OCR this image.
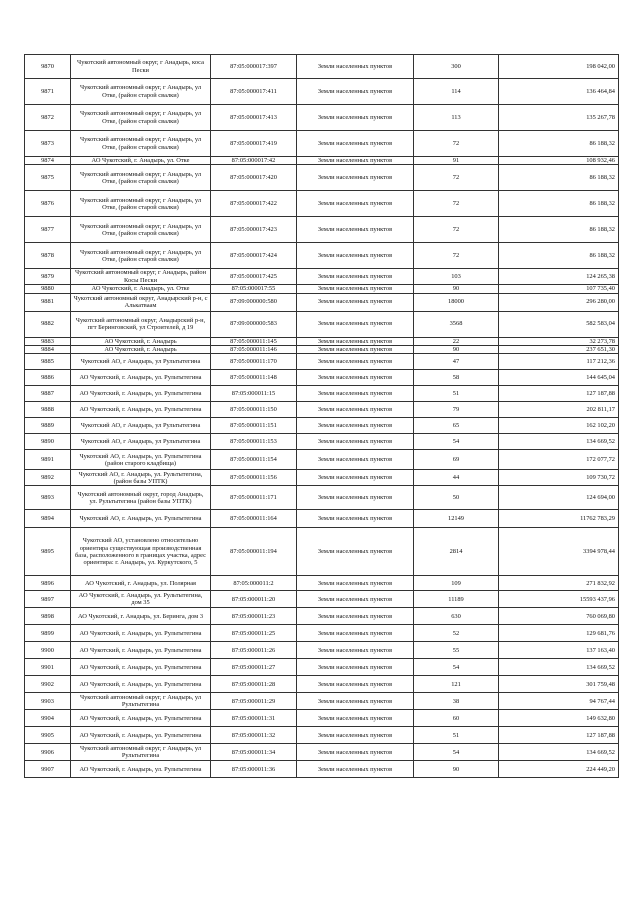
9870	Чукотский автономный округ, г Анадырь, коса Пески	87:05:000017:397	Земли населенных пунктов	300	198 042,00
9871	Чукотский автономный округ, г Анадырь, ул Отке, (район старой свалки)	87:05:000017:411	Земли населенных пунктов	114	136 464,84
9872	Чукотский автономный округ, г Анадырь, ул Отке, (район старой свалки)	87:05:000017:413	Земли населенных пунктов	113	135 267,78
9873	Чукотский автономный округ, г Анадырь, ул Отке, (район старой свалки)	87:05:000017:419	Земли населенных пунктов	72	86 188,32
9874	АО Чукотский, г. Анадырь, ул. Отке	87:05:000017:42	Земли населенных пунктов	91	108 932,46
9875	Чукотский автономный округ, г Анадырь, ул Отке, (район старой свалки)	87:05:000017:420	Земли населенных пунктов	72	86 188,32
9876	Чукотский автономный округ, г Анадырь, ул Отке, (район старой свалки)	87:05:000017:422	Земли населенных пунктов	72	86 188,32
9877	Чукотский автономный округ, г Анадырь, ул Отке, (район старой свалки)	87:05:000017:423	Земли населенных пунктов	72	86 188,32
9878	Чукотский автономный округ, г Анадырь, ул Отке, (район старой свалки)	87:05:000017:424	Земли населенных пунктов	72	86 188,32
9879	Чукотский автономный округ, г Анадырь, район Косы Пески	87:05:000017:425	Земли населенных пунктов	103	124 265,38
9880	АО Чукотский, г. Анадырь, ул. Отке	87:05:000017:55	Земли населенных пунктов	90	107 735,40
9881	Чукотский автономный округ, Анадырский р-н, с Алькатваам	87:09:000000:580	Земли населенных пунктов	18000	296 280,00
9882	Чукотский автономный округ, Анадырский р-н, пгт Беринговский, ул Строителей, д 19	87:09:000000:583	Земли населенных пунктов	3568	582 583,04
9883	АО Чукотский, г. Анадырь	87:05:000011:145	Земли населенных пунктов	22	32 273,78
9884	АО Чукотский, г. Анадырь	87:05:000011:146	Земли населенных пунктов	90	237 651,30
9885	Чукотский АО, г Анадырь, ул Рультытегина	87:05:000011:170	Земли населенных пунктов	47	117 212,36
9886	АО Чукотский, г. Анадырь, ул. Рультытегина	87:05:000011:148	Земли населенных пунктов	58	144 645,04
9887	АО Чукотский, г. Анадырь, ул. Рультытегина	87:05:000011:15	Земли населенных пунктов	51	127 187,88
9888	АО Чукотский, г. Анадырь, ул. Рультытегина	87:05:000011:150	Земли населенных пунктов	79	202 811,17
9889	Чукотский АО, г Анадырь, ул Рультытегина	87:05:000011:151	Земли населенных пунктов	65	162 102,20
9890	Чукотский АО, г Анадырь, ул Рультытегина	87:05:000011:153	Земли населенных пунктов	54	134 669,52
9891	Чукотский АО, г. Анадырь, ул. Рультытегина (район старого кладбища)	87:05:000011:154	Земли населенных пунктов	69	172 077,72
9892	Чукотский АО, г. Анадырь, ул. Рультытегина, (район базы УПТК)	87:05:000011:156	Земли населенных пунктов	44	109 730,72
9893	Чукотский автономный округ, город Анадырь, ул. Рультытегина (район базы УПТК)	87:05:000011:171	Земли населенных пунктов	50	124 694,00
9894	Чукотский АО, г. Анадырь, ул. Рультытегина	87:05:000011:164	Земли населенных пунктов	12149	11762 783,29
9895	Чукотский АО, установлено относительно ориентира существующая производственная база, расположенного в границах участка, адрес ориентира: г. Анадырь, ул. Куркутского, 5	87:05:000011:194	Земли населенных пунктов	2814	3394 978,44
9896	АО Чукотский, г. Анадырь, ул. Полярная	87:05:000011:2	Земли населенных пунктов	109	271 832,92
9897	АО Чукотский, г. Анадырь, ул. Рультытегина, дом 35	87:05:000011:20	Земли населенных пунктов	11189	15593 437,96
9898	АО Чукотский, г. Анадырь, ул. Беринга, дом 3	87:05:000011:23	Земли населенных пунктов	630	760 069,80
9899	АО Чукотский, г. Анадырь, ул. Рультытегина	87:05:000011:25	Земли населенных пунктов	52	129 681,76
9900	АО Чукотский, г. Анадырь, ул. Рультытегина	87:05:000011:26	Земли населенных пунктов	55	137 163,40
9901	АО Чукотский, г. Анадырь, ул. Рультытегина	87:05:000011:27	Земли населенных пунктов	54	134 669,52
9902	АО Чукотский, г. Анадырь, ул. Рультытегина	87:05:000011:28	Земли населенных пунктов	121	301 759,48
9903	Чукотский автономный округ, г Анадырь, ул Рультытегина	87:05:000011:29	Земли населенных пунктов	38	94 767,44
9904	АО Чукотский, г. Анадырь, ул. Рультытегина	87:05:000011:31	Земли населенных пунктов	60	149 632,80
9905	АО Чукотский, г. Анадырь, ул. Рультытегина	87:05:000011:32	Земли населенных пунктов	51	127 187,88
9906	Чукотский автономный округ, г Анадырь, ул Рультытегина	87:05:000011:34	Земли населенных пунктов	54	134 669,52
9907	АО Чукотский, г. Анадырь, ул. Рультытегина	87:05:000011:36	Земли населенных пунктов	90	224 449,20
